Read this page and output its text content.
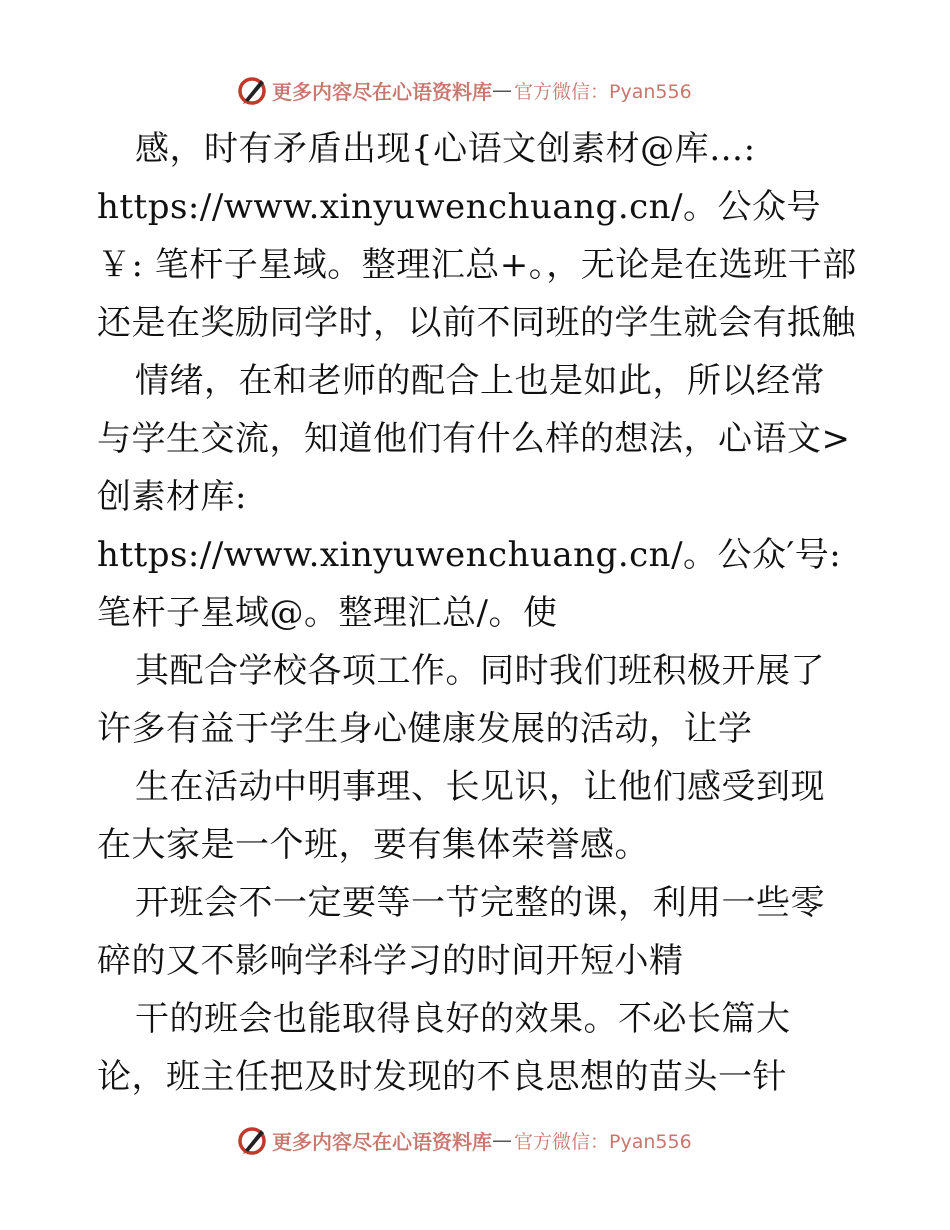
更多内容尽在心语资料库 — 官方微信：Pyan556

感，时有矛盾出现{心语文创素材@库…: https://www.xinyuwenchuang.cn/。公众号￥: 笔杆子星域。整理汇总+。，无论是在选班干部还是在奖励同学时，以前不同班的学生就会有抵触

情绪，在和老师的配合上也是如此，所以经常与学生交流，知道他们有什么样的想法，心语文>创素材库: https://www.xinyuwenchuang.cn/。公众′号: 笔杆子星域@。整理汇总/。使

其配合学校各项工作。同时我们班积极开展了许多有益于学生身心健康发展的活动，让学

生在活动中明事理、长见识，让他们感受到现在大家是一个班，要有集体荣誉感。

开班会不一定要等一节完整的课，利用一些零碎的又不影响学科学习的时间开短小精

干的班会也能取得良好的效果。不必长篇大论，班主任把及时发现的不良思想的苗头一针

更多内容尽在心语资料库 — 官方微信：Pyan556
